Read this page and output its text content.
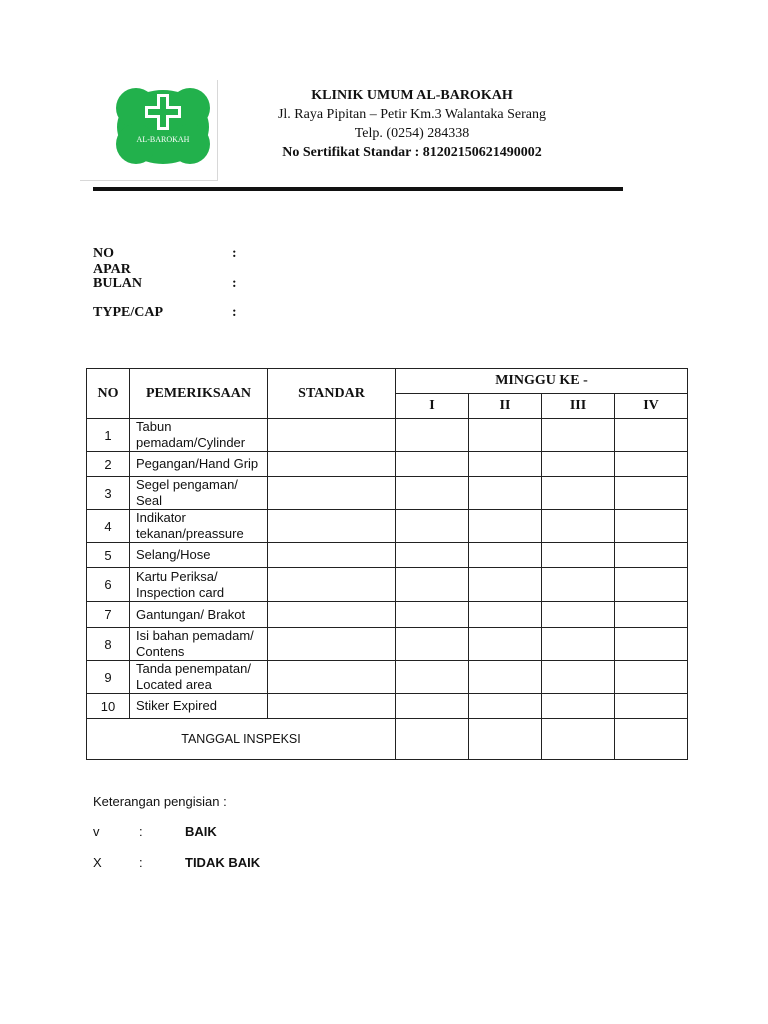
AL-BAROKAH
KLINIK UMUM AL-BAROKAH
Jl. Raya Pipitan – Petir Km.3 Walantaka Serang
Telp. (0254) 284338
No Sertifikat Standar : 81202150621490002
NO APAR
:
BULAN	:
TYPE/CAP	:
NO	PEMERIKSAAN	STANDAR	MINGGU KE -			
			I	II	III	IV
1	Tabun pemadam/Cylinder					
2	Pegangan/Hand Grip					
3	Segel pengaman/ Seal					
4	Indikator tekanan/preassure					
5	Selang/Hose					
6	Kartu Periksa/ Inspection card					
7	Gantungan/ Brakot					
8	Isi bahan pemadam/ Contens					
9	Tanda penempatan/ Located area					
10	Stiker Expired					
TANGGAL INSPEKSI						
Keterangan pengisian :
v	:	BAIK
X	:	TIDAK BAIK
